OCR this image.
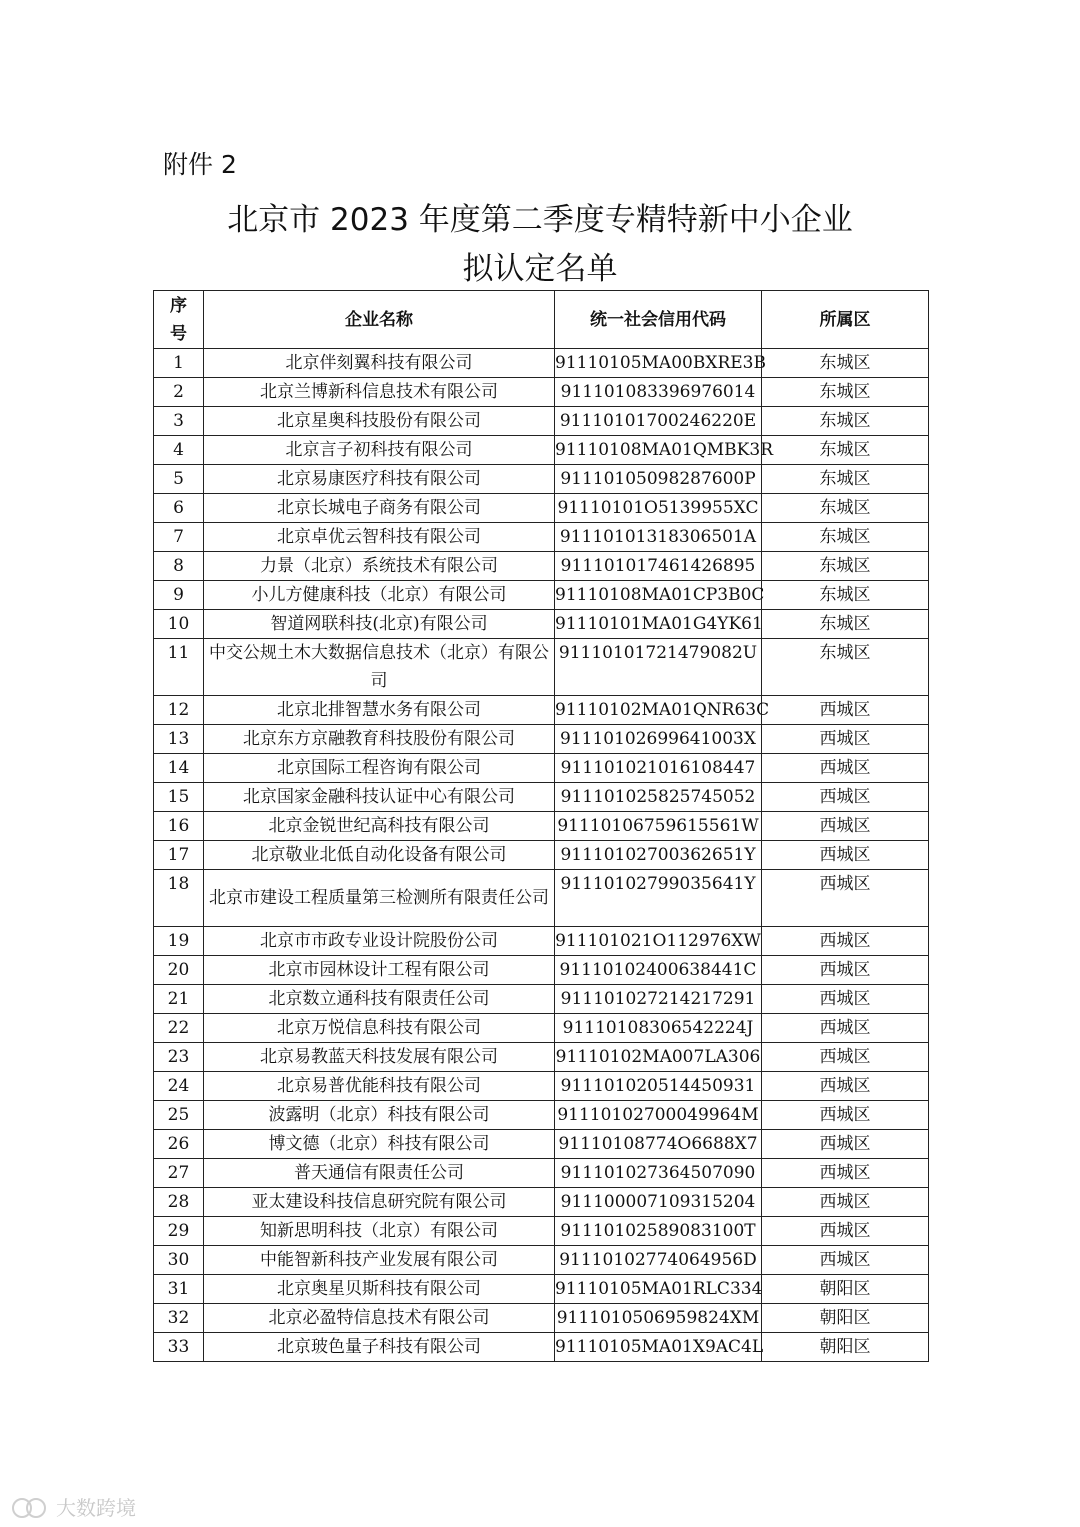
附件 2
北京市 2023 年度第二季度专精特新中小企业
拟认定名单
序
号	企业名称	统一社会信用代码	所属区
1	北京伴刻翼科技有限公司	91110105MA00BXRE3B	东城区
2	北京兰博新科信息技术有限公司	911101083396976014	东城区
3	北京星奥科技股份有限公司	91110101700246220E	东城区
4	北京言子初科技有限公司	91110108MA01QMBK3R	东城区
5	北京易康医疗科技有限公司	91110105098287600P	东城区
6	北京长城电子商务有限公司	91110101O5139955XC	东城区
7	北京卓优云智科技有限公司	91110101318306501A	东城区
8	力景（北京）系统技术有限公司	911101017461426895	东城区
9	小儿方健康科技（北京）有限公司	91110108MA01CP3B0C	东城区
10	智道网联科技(北京)有限公司	91110101MA01G4YK61	东城区
11	中交公规土木大数据信息技术（北京）有限公司	91110101721479082U	东城区
12	北京北排智慧水务有限公司	91110102MA01QNR63C	西城区
13	北京东方京融教育科技股份有限公司	91110102699641003X	西城区
14	北京国际工程咨询有限公司	911101021016108447	西城区
15	北京国家金融科技认证中心有限公司	911101025825745052	西城区
16	北京金锐世纪高科技有限公司	91110106759615561W	西城区
17	北京敬业北低自动化设备有限公司	91110102700362651Y	西城区
18	北京市建设工程质量第三检测所有限责任公司	91110102799035641Y	西城区
19	北京市市政专业设计院股份公司	911101021O112976XW	西城区
20	北京市园林设计工程有限公司	91110102400638441C	西城区
21	北京数立通科技有限责任公司	911101027214217291	西城区
22	北京万悦信息科技有限公司	91110108306542224J	西城区
23	北京易教蓝天科技发展有限公司	91110102MA007LA306	西城区
24	北京易普优能科技有限公司	911101020514450931	西城区
25	波露明（北京）科技有限公司	91110102700049964M	西城区
26	博文德（北京）科技有限公司	91110108774O6688X7	西城区
27	普天通信有限责任公司	911101027364507090	西城区
28	亚太建设科技信息研究院有限公司	911100007109315204	西城区
29	知新思明科技（北京）有限公司	91110102589083100T	西城区
30	中能智新科技产业发展有限公司	91110102774064956D	西城区
31	北京奥星贝斯科技有限公司	91110105MA01RLC334	朝阳区
32	北京必盈特信息技术有限公司	911101050695982​4XM	朝阳区
33	北京玻色量子科技有限公司	91110105MA01X9AC4L	朝阳区
大数跨境
